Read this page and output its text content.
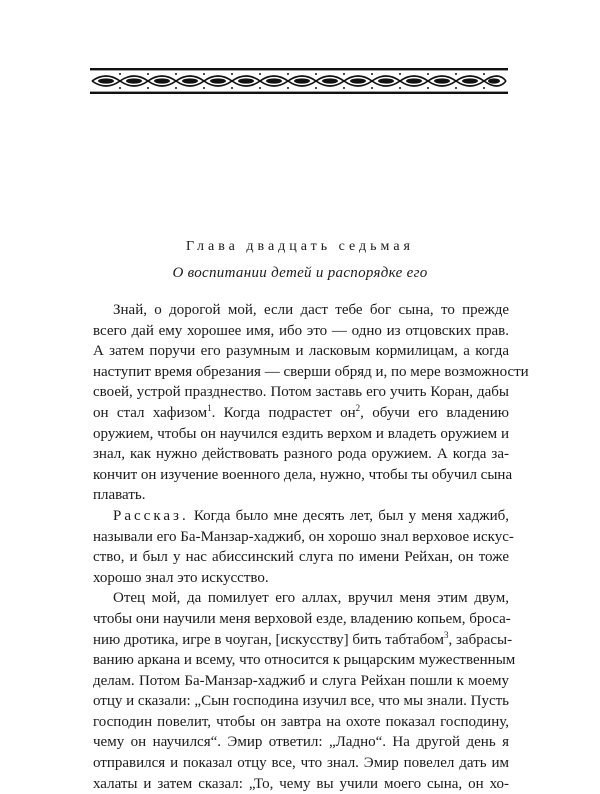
Глава двадцать седьмая
О воспитании детей и распорядке его
Знай, о дорогой мой, если даст тебе бог сына, то прежде
всего дай ему хорошее имя, ибо это — одно из отцовских прав.
А затем поручи его разумным и ласковым кормилицам, а когда
наступит время обрезания — сверши обряд и, по мере возможности
своей, устрой празднество. Потом заставь его учить Коран, дабы
он стал хафизом$^1$. Когда подрастет $он^2$, обучи его владению
оружием, чтобы он научился ездить верхом и владеть оружием и
знал, как нужно действовать разного рода оружием. А когда за-
кончит он изучение военного дела, нужно, чтобы ты обучил сына
плавать.
Рассказ. Когда было мне десять лет, был у меня хаджиб,
называли его Ба-Манзар-хаджиб, он хорошо знал верховое искус-
ство, и был у нас абиссинский слуга по имени Рейхан, он тоже
хорошо знал это искусство.
Отец мой, да помилует его аллах, вручил меня этим двум,
чтобы они научили меня верховой езде, владению копьем, броса-
нию дротика, игре в чоуган, [искусству] бить табтабом$^3$, забрасы-
ванию аркана и всему, что относится к рыцарским мужественным
делам. Потом Ба-Манзар-хаджиб и слуга Рейхан пошли к моему
отцу и сказали: „Сын господина изучил все, что мы знали. Пусть
господин повелит, чтобы он завтра на охоте показал господину,
чему он научился“. Эмир ответил: „Ладно“. На другой день я
отправился и показал отцу все, что знал. Эмир повелел дать им
халаты и затем сказал: „То, чему вы учили моего сына, он хо-
